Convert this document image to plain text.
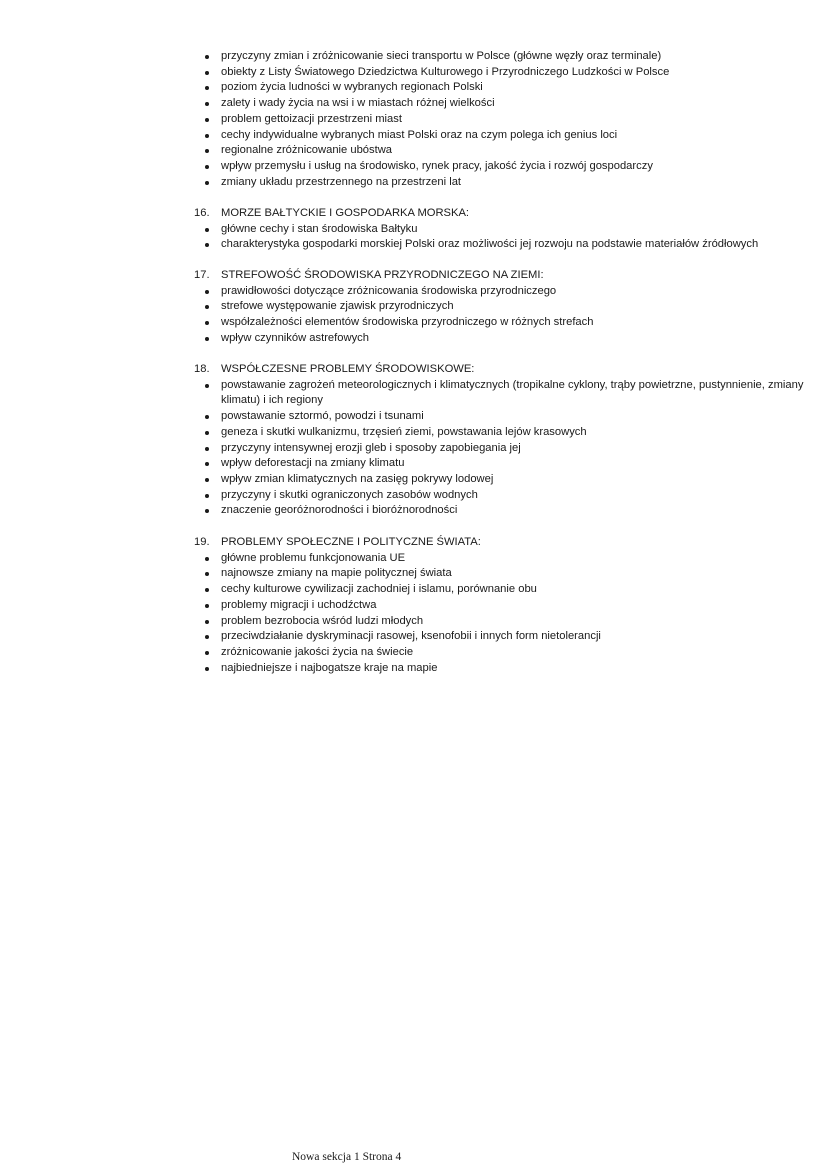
przyczyny zmian i zróżnicowanie sieci transportu w Polsce (główne węzły oraz terminale)
obiekty z Listy Światowego Dziedzictwa Kulturowego i Przyrodniczego Ludzkości w Polsce
poziom życia ludności w wybranych regionach Polski
zalety i wady życia na wsi i w miastach różnej wielkości
problem gettoizacji przestrzeni miast
cechy indywidualne wybranych miast Polski oraz na czym polega ich genius loci
regionalne zróżnicowanie ubóstwa
wpływ przemysłu i usług na środowisko, rynek pracy, jakość życia i rozwój gospodarczy
zmiany układu przestrzennego na przestrzeni lat
16. MORZE BAŁTYCKIE I GOSPODARKA MORSKA:
główne cechy i stan środowiska Bałtyku
charakterystyka gospodarki morskiej Polski oraz możliwości jej rozwoju na podstawie materiałów źródłowych
17. STREFOWOŚĆ ŚRODOWISKA PRZYRODNICZEGO NA ZIEMI:
prawidłowości dotyczące zróżnicowania środowiska przyrodniczego
strefowe występowanie zjawisk przyrodniczych
współzależności elementów środowiska przyrodniczego w różnych strefach
wpływ czynników astrefowych
18. WSPÓŁCZESNE PROBLEMY ŚRODOWISKOWE:
powstawanie zagrożeń meteorologicznych i klimatycznych (tropikalne cyklony, trąby powietrzne, pustynnienie, zmiany klimatu) i ich regiony
powstawanie sztormó, powodzi i tsunami
geneza i skutki wulkanizmu, trzęsień ziemi, powstawania lejów krasowych
przyczyny intensywnej erozji gleb i sposoby zapobiegania jej
wpływ deforestacji na zmiany klimatu
wpływ zmian klimatycznych na zasięg pokrywy lodowej
przyczyny i skutki ograniczonych zasobów wodnych
znaczenie georóżnorodności i bioróżnorodności
19. PROBLEMY SPOŁECZNE I POLITYCZNE ŚWIATA:
główne problemu funkcjonowania UE
najnowsze zmiany na mapie politycznej świata
cechy kulturowe cywilizacji zachodniej i islamu, porównanie obu
problemy migracji i uchodźctwa
problem bezrobocia wśród ludzi młodych
przeciwdziałanie dyskryminacji rasowej, ksenofobii i innych form nietolerancji
zróżnicowanie jakości życia na świecie
najbiedniejsze i najbogatsze kraje na mapie
Nowa sekcja 1 Strona 4
